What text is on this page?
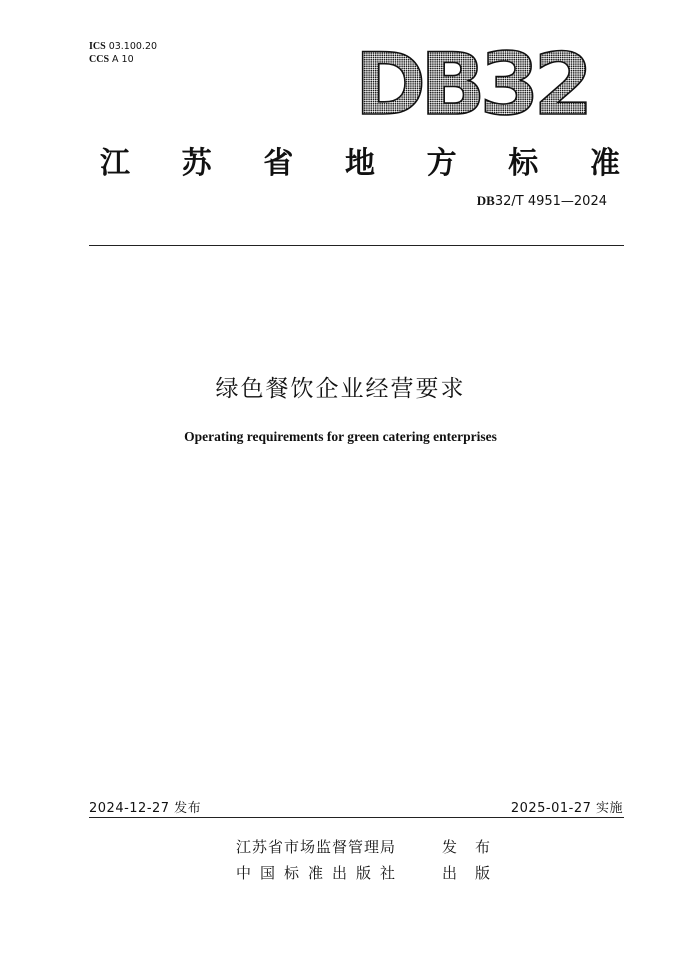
ICS 03.100.20
CCS A 10	DB32
江 苏 省 地 方 标 准
DB32/T 4951—2024
绿色餐饮企业经营要求
Operating requirements for green catering enterprises
2024-12-27 发布	2025-01-27 实施
江苏省市场监督管理局	发布
中国标准出版社	出版
